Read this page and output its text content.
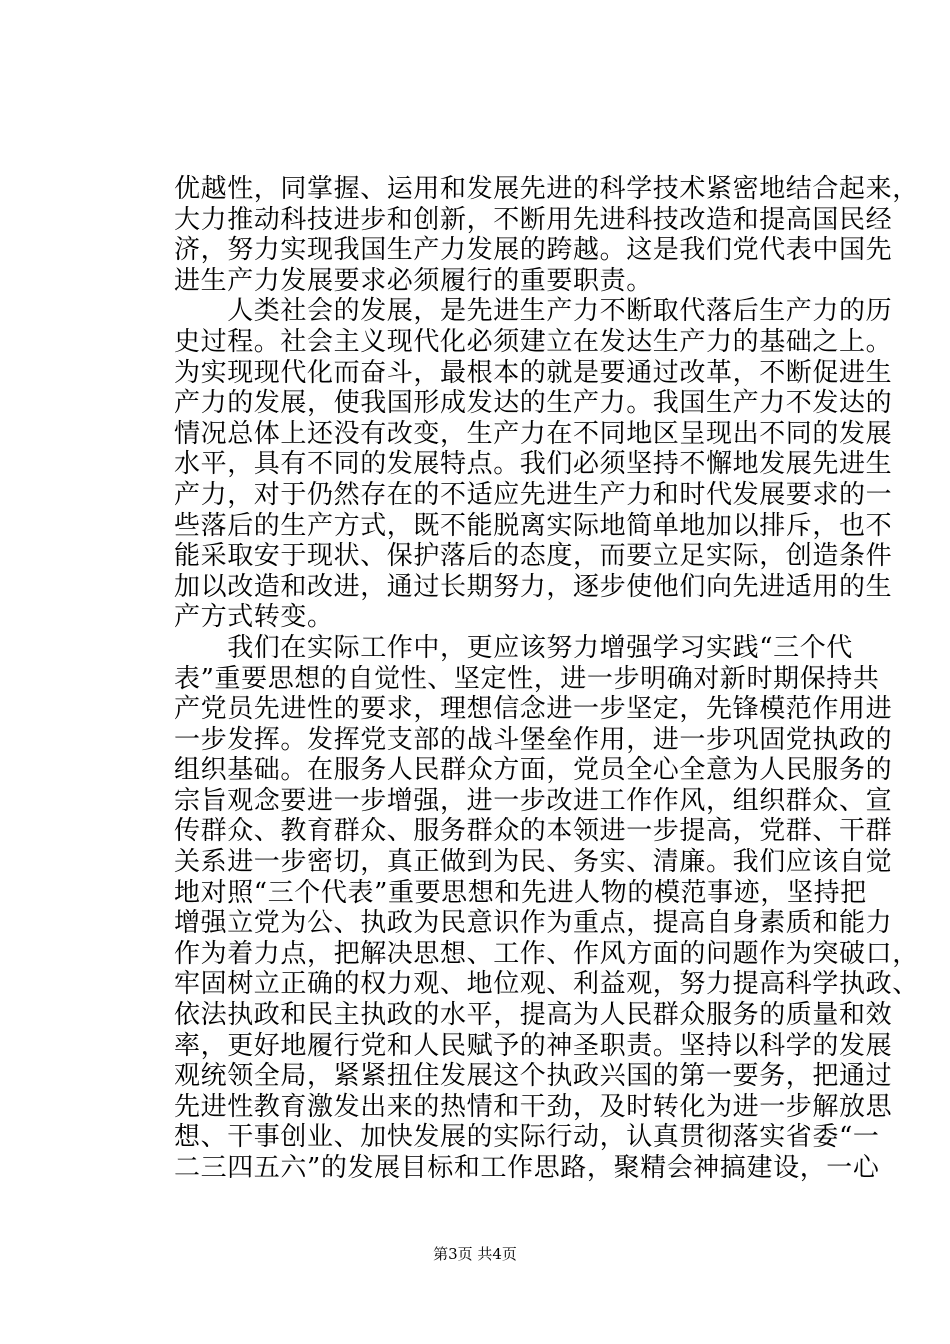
优越性，同掌握、运用和发展先进的科学技术紧密地结合起来，
大力推动科技进步和创新，不断用先进科技改造和提高国民经
济，努力实现我国生产力发展的跨越。这是我们党代表中国先
进生产力发展要求必须履行的重要职责。
　　人类社会的发展，是先进生产力不断取代落后生产力的历
史过程。社会主义现代化必须建立在发达生产力的基础之上。
为实现现代化而奋斗，最根本的就是要通过改革，不断促进生
产力的发展，使我国形成发达的生产力。我国生产力不发达的
情况总体上还没有改变，生产力在不同地区呈现出不同的发展
水平，具有不同的发展特点。我们必须坚持不懈地发展先进生
产力，对于仍然存在的不适应先进生产力和时代发展要求的一
些落后的生产方式，既不能脱离实际地简单地加以排斥，也不
能采取安于现状、保护落后的态度，而要立足实际，创造条件
加以改造和改进，通过长期努力，逐步使他们向先进适用的生
产方式转变。
　　我们在实际工作中，更应该努力增强学习实践“三个代
表”重要思想的自觉性、坚定性，进一步明确对新时期保持共
产党员先进性的要求，理想信念进一步坚定，先锋模范作用进
一步发挥。发挥党支部的战斗堡垒作用，进一步巩固党执政的
组织基础。在服务人民群众方面，党员全心全意为人民服务的
宗旨观念要进一步增强，进一步改进工作作风，组织群众、宣
传群众、教育群众、服务群众的本领进一步提高，党群、干群
关系进一步密切，真正做到为民、务实、清廉。我们应该自觉
地对照“三个代表”重要思想和先进人物的模范事迹，坚持把
增强立党为公、执政为民意识作为重点，提高自身素质和能力
作为着力点，把解决思想、工作、作风方面的问题作为突破口，
牢固树立正确的权力观、地位观、利益观，努力提高科学执政、
依法执政和民主执政的水平，提高为人民群众服务的质量和效
率，更好地履行党和人民赋予的神圣职责。坚持以科学的发展
观统领全局，紧紧扭住发展这个执政兴国的第一要务，把通过
先进性教育激发出来的热情和干劲，及时转化为进一步解放思
想、干事创业、加快发展的实际行动，认真贯彻落实省委“一
二三四五六”的发展目标和工作思路，聚精会神搞建设，一心
第3页 共4页
